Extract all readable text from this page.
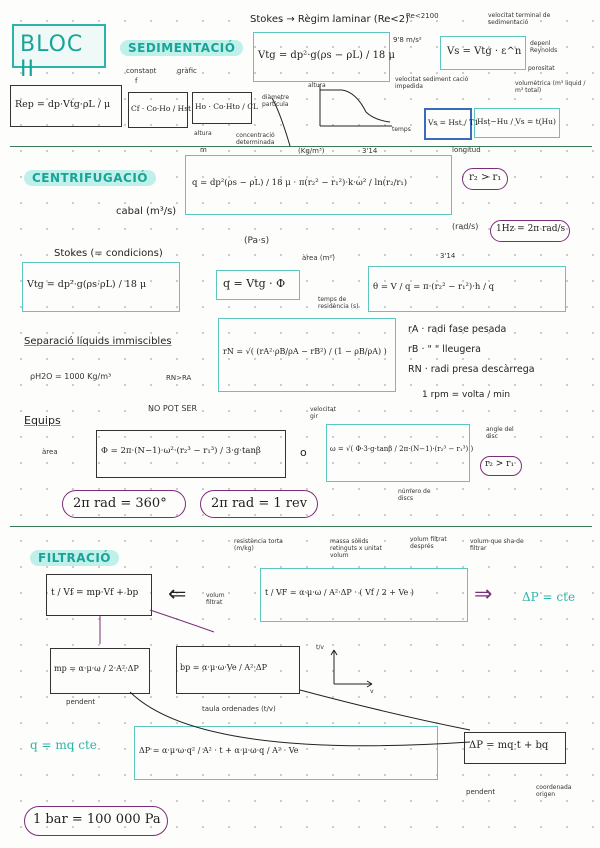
BLOC II
SEDIMENTACIÓ
Stokes → Règim laminar (Re<2)
Re<2100
Rep = dp·Vtg·ρL / μ
constant
f
gràfic
Cf · Co·Ho / Hst Ho · Co·Hto / CL
altura	concentració determinada
Vtg = dp²·g(ρs − ρL) / 18 μ
9'8 m/s²
diàmetre partícula
altura
temps
Vs = Vtg · ε^n
velocitat terminal de sedimentació
depenl Reynolds
porositat
velocitat sediment cació impedida	volumètrica (m³ liquid / m³ total)
Vs = Hst / T1
Hst−Hu / Vs = t(Hu)
CENTRIFUGACIÓ
m	(Kg/m³)	3'14	longitud
q = dp²(ρs − ρL) / 18 μ · π(r₂² − r₁²)·k·ω² / ln(r₂/r₁)	r₂ > r₁
cabal (m³/s)
(Pa·s)
(rad/s) 1Hz = 2π rad/s
Stokes (= condicions)
Vtg = dp²·g(ρs·ρL) / 18 μ	q = Vtg · Φ
àrea (m²)
temps de residència (s)
3'14
θ = V / q = π·(r₂² − r₁²)·h / q
Separació líquids immiscibles
ρH2O = 1000 Kg/m³	RN>RA
NO POT SER
rN = √( (rA²·ρB/ρA − rB²) / (1 − ρB/ρA) )
rA · radi fase pesada
rB · " " lleugera
RN · radi presa descàrrega
1 rpm = volta / min
Equips
àrea	Φ = 2π·(N−1)·ω²·(r₂³ − r₁³) / 3·g·tanβ	o
velocitat gir
ω = √( Φ·3·g·tanβ / 2π·(N−1)·(r₂³ − r₁³) )
angle del disc
r₂ > r₁
número de discs
2π rad = 360°	2π rad = 1 rev
FILTRACIÓ
resistència torta (m/kg)
massa sòlids retinguts x unitat volum
volum filtrat després
volum que sha de filtrar
t / Vf = mp·Vf + bp ⇐	volum filtrat
t / VF = α·μ·ω / A²·ΔP · ( Vf / 2 + Ve )	⇒ ΔP = cte
mp = α·μ·ω / 2·A²·ΔP
pendent
bp = α·μ·ω·Ve / A²·ΔP
taula ordenades (t/v)
t/v
v
q = mq cte	ΔP = α·μ·ω·q² / A² · t + α·μ·ω·q / A² · Ve	ΔP = mq·t + bq
pendent
coordenada origen
1 bar = 100 000 Pa
